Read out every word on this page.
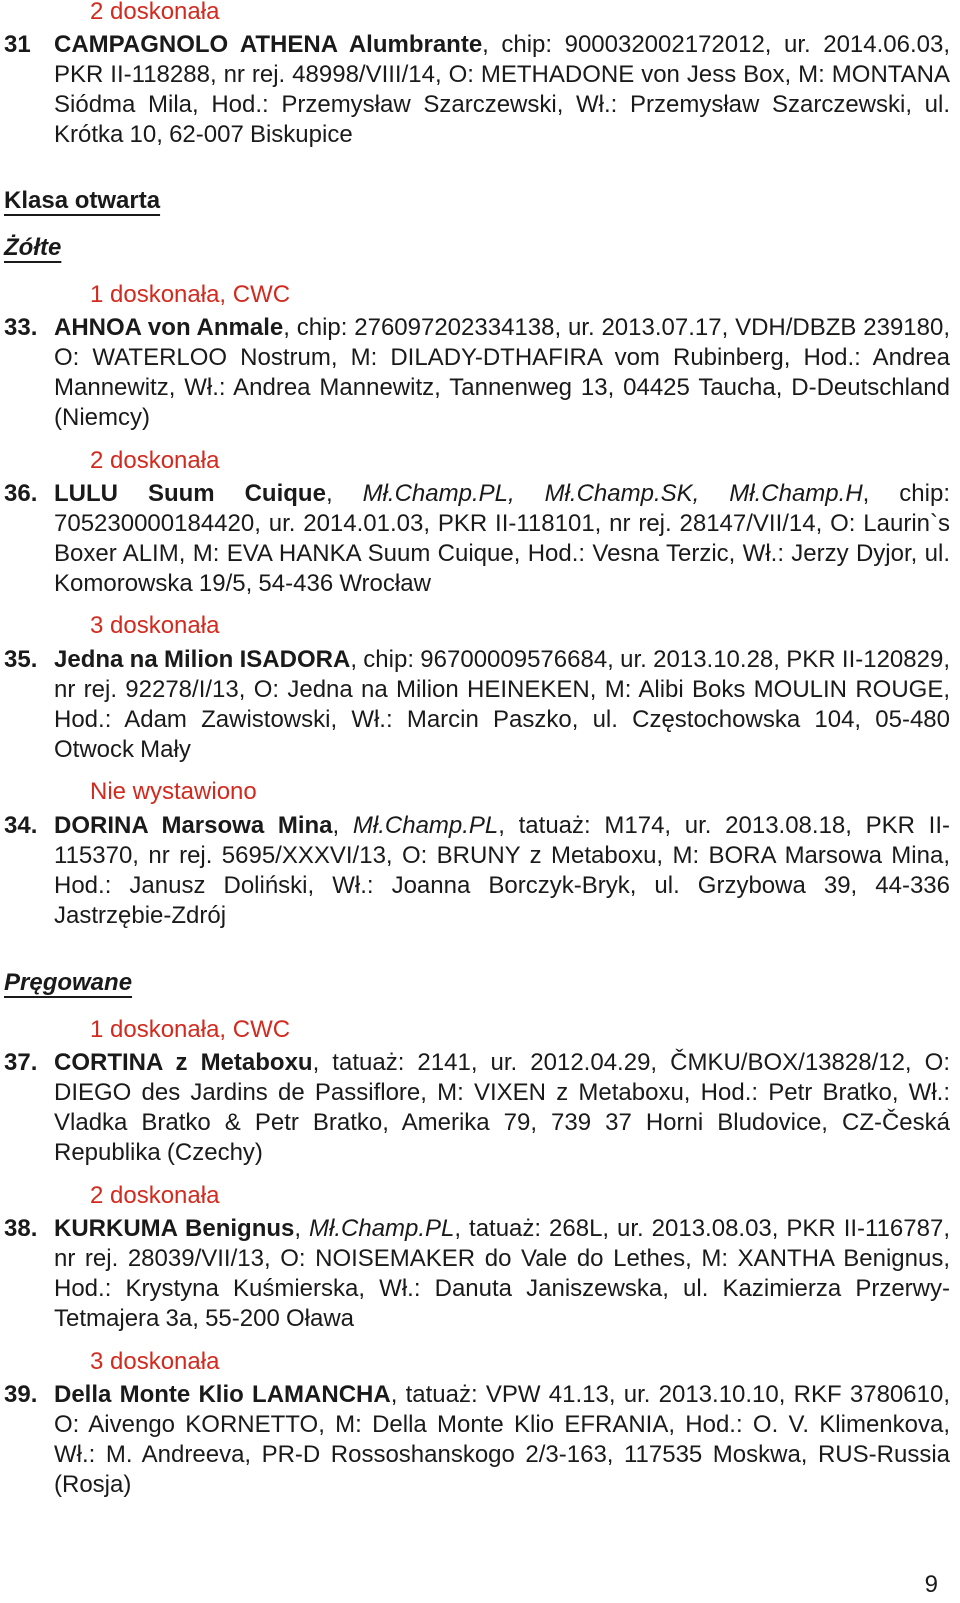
2 doskonała
31 CAMPAGNOLO ATHENA Alumbrante, chip: 900032002172012, ur. 2014.06.03, PKR II-118288, nr rej. 48998/VIII/14, O: METHADONE von Jess Box, M: MONTANA Siódma Mila, Hod.: Przemysław Szarczewski, Wł.: Przemysław Szarczewski, ul. Krótka 10, 62-007 Biskupice
Klasa otwarta
Żółte
1 doskonała, CWC
33. AHNOA von Anmale, chip: 276097202334138, ur. 2013.07.17, VDH/DBZB 239180, O: WATERLOO Nostrum, M: DILADY-DTHAFIRA vom Rubinberg, Hod.: Andrea Mannewitz, Wł.: Andrea Mannewitz, Tannenweg 13, 04425 Taucha, D-Deutschland (Niemcy)
2 doskonała
36. LULU Suum Cuique, Mł.Champ.PL, Mł.Champ.SK, Mł.Champ.H, chip: 705230000184420, ur. 2014.01.03, PKR II-118101, nr rej. 28147/VII/14, O: Laurin`s Boxer ALIM, M: EVA HANKA Suum Cuique, Hod.: Vesna Terzic, Wł.: Jerzy Dyjor, ul. Komorowska 19/5, 54-436 Wrocław
3 doskonała
35. Jedna na Milion ISADORA, chip: 96700009576684, ur. 2013.10.28, PKR II-120829, nr rej. 92278/I/13, O: Jedna na Milion HEINEKEN, M: Alibi Boks MOULIN ROUGE, Hod.: Adam Zawistowski, Wł.: Marcin Paszko, ul. Częstochowska 104, 05-480 Otwock Mały
Nie wystawiono
34. DORINA Marsowa Mina, Mł.Champ.PL, tatuaż: M174, ur. 2013.08.18, PKR II-115370, nr rej. 5695/XXXVI/13, O: BRUNY z Metaboxu, M: BORA Marsowa Mina, Hod.: Janusz Doliński, Wł.: Joanna Borczyk-Bryk, ul. Grzybowa 39, 44-336 Jastrzębie-Zdrój
Pręgowane
1 doskonała, CWC
37. CORTINA z Metaboxu, tatuaż: 2141, ur. 2012.04.29, ČMKU/BOX/13828/12, O: DIEGO des Jardins de Passiflore, M: VIXEN z Metaboxu, Hod.: Petr Bratko, Wł.: Vladka Bratko & Petr Bratko, Amerika 79, 739 37 Horni Bludovice, CZ-Česká Republika (Czechy)
2 doskonała
38. KURKUMA Benignus, Mł.Champ.PL, tatuaż: 268L, ur. 2013.08.03, PKR II-116787, nr rej. 28039/VII/13, O: NOISEMAKER do Vale do Lethes, M: XANTHA Benignus, Hod.: Krystyna Kuśmierska, Wł.: Danuta Janiszewska, ul. Kazimierza Przerwy-Tetmajera 3a, 55-200 Oława
3 doskonała
39. Della Monte Klio LAMANCHA, tatuaż: VPW 41.13, ur. 2013.10.10, RKF 3780610, O: Aivengo KORNETTO, M: Della Monte Klio EFRANIA, Hod.: O. V. Klimenkova, Wł.: M. Andreeva, PR-D Rossoshanskogo 2/3-163, 117535 Moskwa, RUS-Russia (Rosja)
9
